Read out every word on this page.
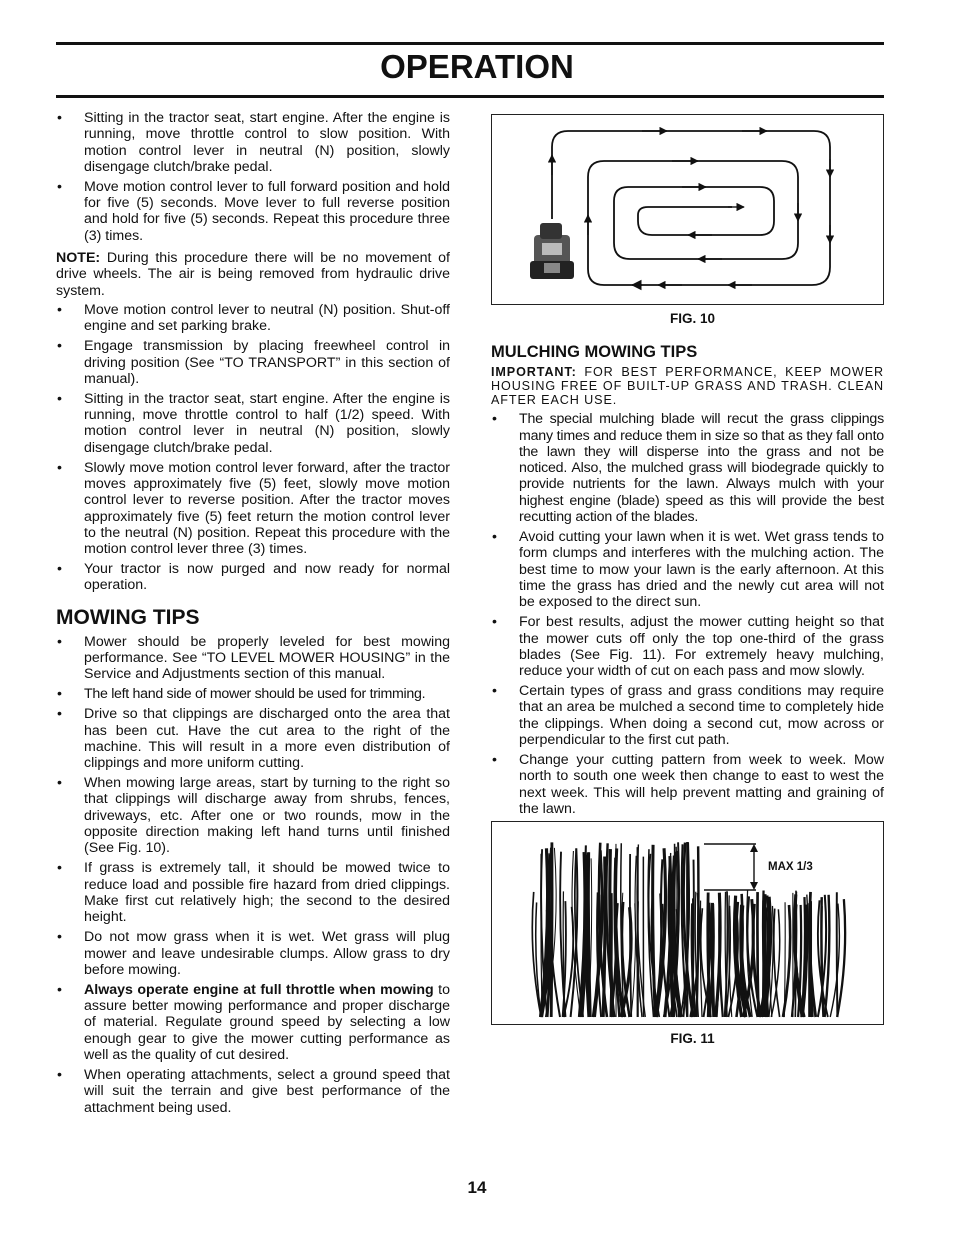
OPERATION
• Sitting in the tractor seat, start engine. After the engine is running, move throttle control to slow position. With motion control lever in neutral (N) position, slowly disengage clutch/brake pedal.
• Move motion control lever to full forward position and hold for five (5) seconds. Move lever to full reverse position and hold for five (5) seconds. Repeat this procedure three (3) times.

NOTE: During this procedure there will be no movement of drive wheels. The air is being removed from hydraulic drive system.

• Move motion control lever to neutral (N) position. Shut-off engine and set parking brake.
• Engage transmission by placing freewheel control in driving position (See “TO TRANSPORT” in this section of manual).
• Sitting in the tractor seat, start engine. After the engine is running, move throttle control to half (1/2) speed. With motion control lever in neutral (N) position, slowly disengage clutch/brake pedal.
• Slowly move motion control lever forward, after the tractor moves approximately five (5) feet, slowly move motion control lever to reverse position. After the tractor moves approximately five (5) feet return the motion control lever to the neutral (N) position. Repeat this procedure with the motion control lever three (3) times.
• Your tractor is now purged and now ready for normal operation.
MOWING TIPS
• Mower should be properly leveled for best mowing performance. See “TO LEVEL MOWER HOUSING” in the Service and Adjustments section of this manual.
• The left hand side of mower should be used for trimming.
• Drive so that clippings are discharged onto the area that has been cut. Have the cut area to the right of the machine. This will result in a more even distribution of clippings and more uniform cutting.
• When mowing large areas, start by turning to the right so that clippings will discharge away from shrubs, fences, driveways, etc. After one or two rounds, mow in the opposite direction making left hand turns until finished (See Fig. 10).
• If grass is extremely tall, it should be mowed twice to reduce load and possible fire hazard from dried clippings. Make first cut relatively high; the second to the desired height.
• Do not mow grass when it is wet. Wet grass will plug mower and leave undesirable clumps. Allow grass to dry before mowing.
• Always operate engine at full throttle when mowing to assure better mowing performance and proper discharge of material. Regulate ground speed by selecting a low enough gear to give the mower cutting performance as well as the quality of cut desired.
• When operating attachments, select a ground speed that will suit the terrain and give best performance of the attachment being used.
FIG. 10
MULCHING MOWING TIPS

IMPORTANT: FOR BEST PERFORMANCE, KEEP MOWER HOUSING FREE OF BUILT-UP GRASS AND TRASH. CLEAN AFTER EACH USE.

• The special mulching blade will recut the grass clippings many times and reduce them in size so that as they fall onto the lawn they will disperse into the grass and not be noticed. Also, the mulched grass will biodegrade quickly to provide nutrients for the lawn. Always mulch with your highest engine (blade) speed as this will provide the best recutting action of the blades.
• Avoid cutting your lawn when it is wet. Wet grass tends to form clumps and interferes with the mulching action. The best time to mow your lawn is the early afternoon. At this time the grass has dried and the newly cut area will not be exposed to the direct sun.
• For best results, adjust the mower cutting height so that the mower cuts off only the top one-third of the grass blades (See Fig. 11). For extremely heavy mulching, reduce your width of cut on each pass and mow slowly.
• Certain types of grass and grass conditions may require that an area be mulched a second time to completely hide the clippings. When doing a second cut, mow across or perpendicular to the first cut path.
• Change your cutting pattern from week to week. Mow north to south one week then change to east to west the next week. This will help prevent matting and graining of the lawn.
MAX 1/3
FIG. 11
14
